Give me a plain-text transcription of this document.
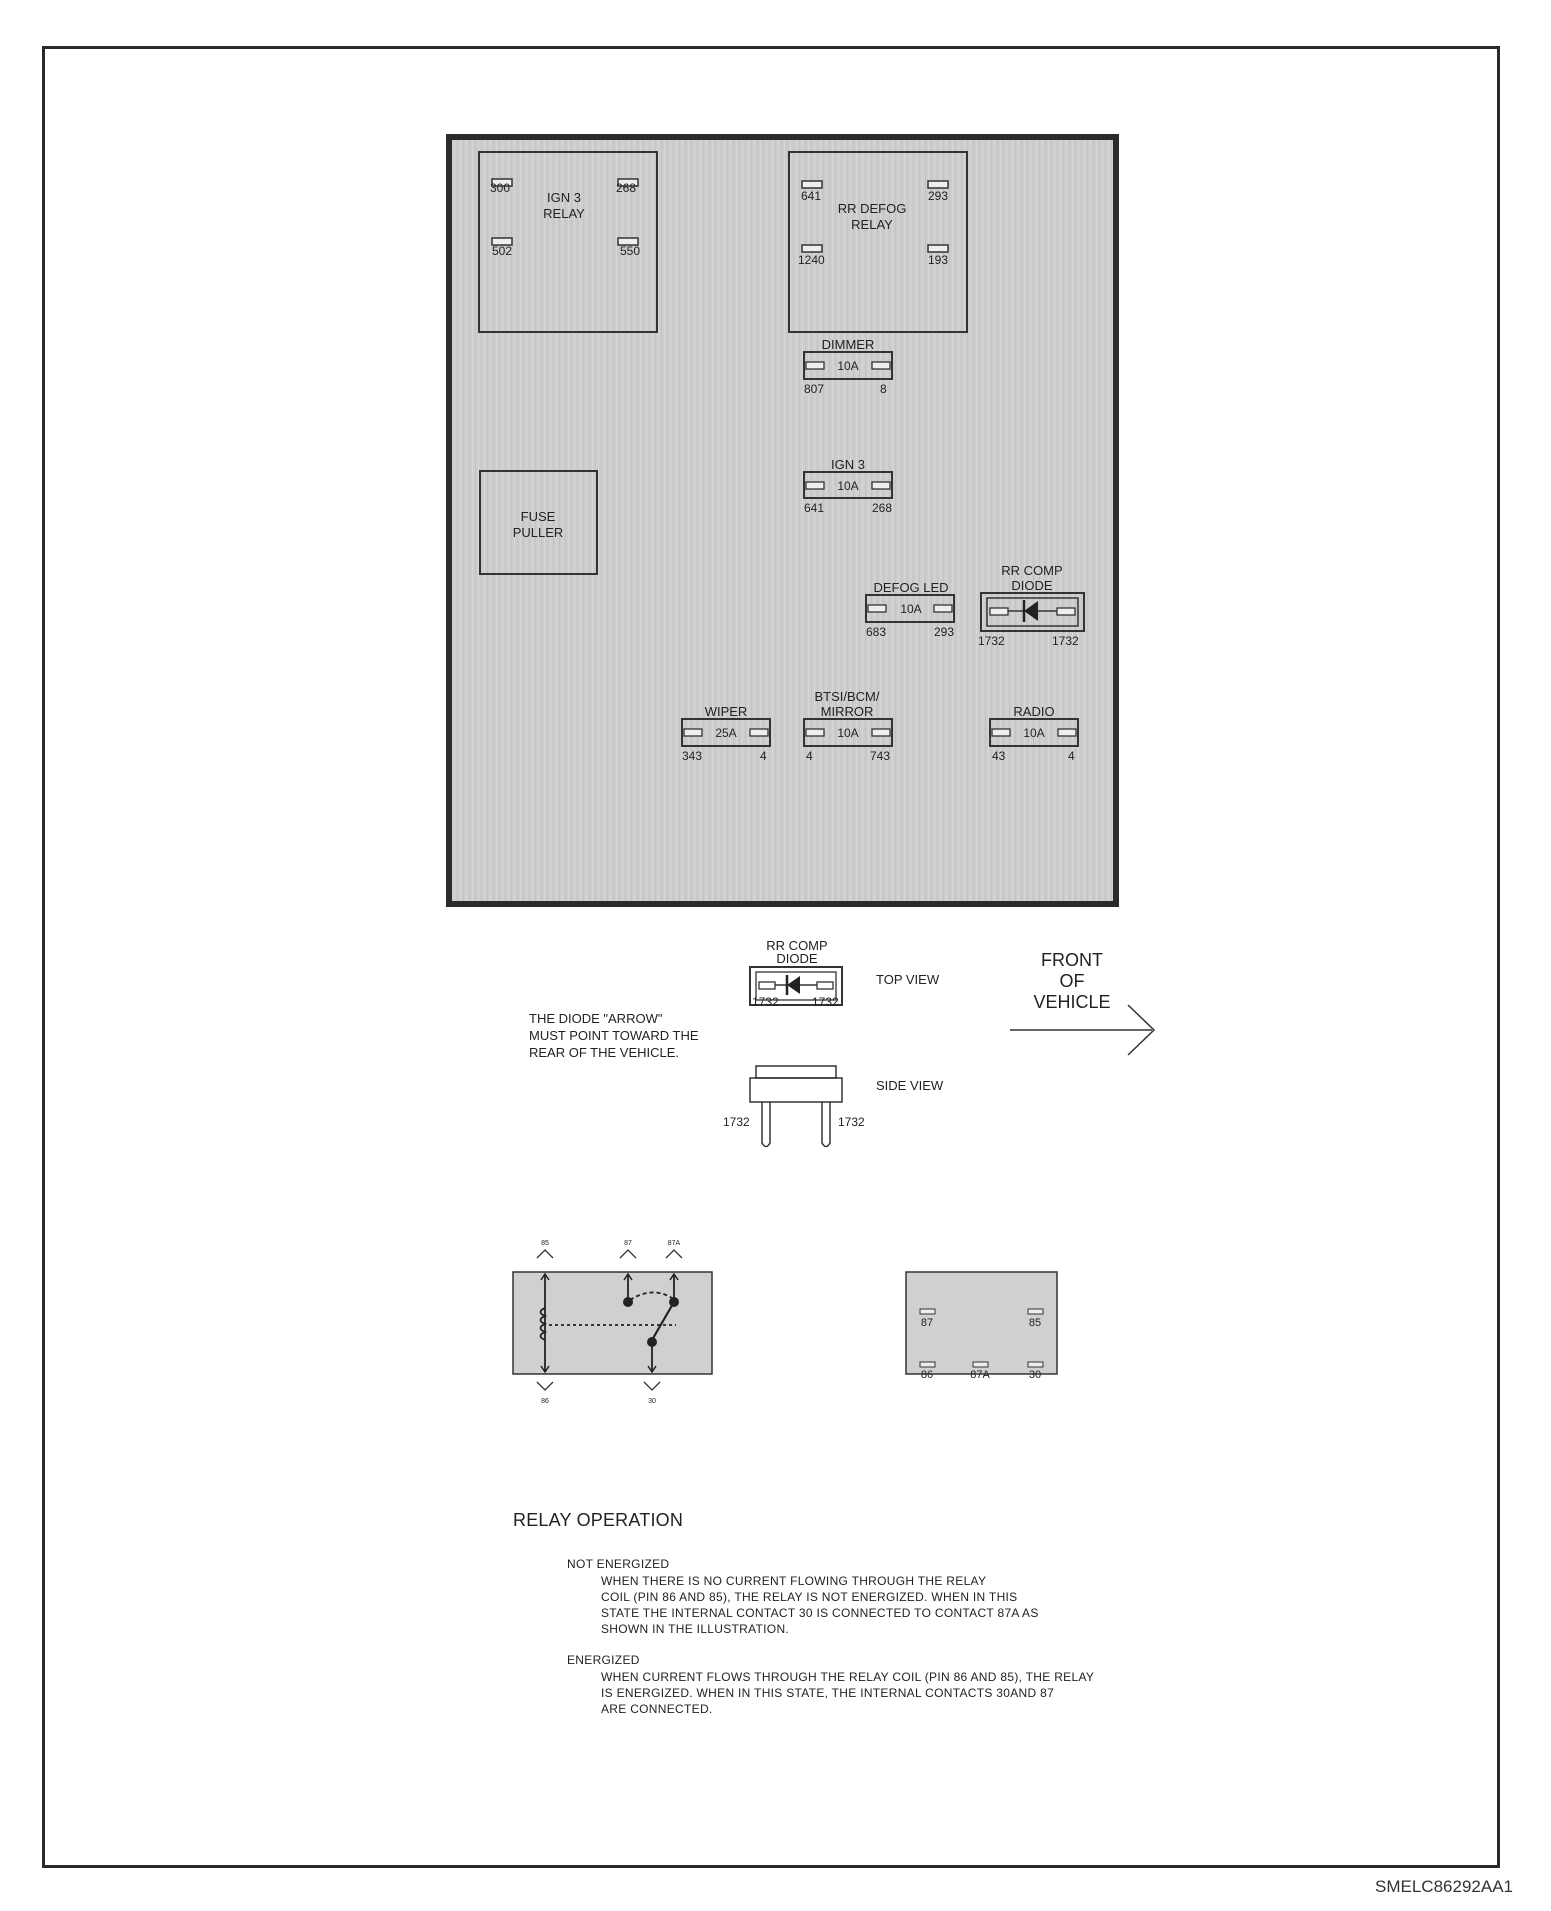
300	268
502	550
IGN 3
RELAY
641	293
1240	193
RR DEFOG
RELAY
FUSE
PULLER
DIMMER
10A
807	8
IGN 3
10A
641	268
DEFOG LED
10A
683	293
RR COMP
DIODE
1732	1732
WIPER
25A
343	4
BTSI/BCM/
MIRROR
10A
4	743
RADIO
10A
43	4
RR COMP
DIODE
1732	1732
TOP VIEW
THE DIODE "ARROW"
MUST POINT TOWARD THE
REAR OF THE VEHICLE.
FRONT
OF
VEHICLE
1732	1732
SIDE VIEW
85	87	87A
86	30
87	85
86	87A	30
RELAY OPERATION
NOT ENERGIZED
WHEN THERE IS NO CURRENT FLOWING THROUGH THE RELAY
COIL (PIN 86 AND 85), THE RELAY IS NOT ENERGIZED. WHEN IN THIS
STATE THE INTERNAL CONTACT 30 IS CONNECTED TO CONTACT 87A AS
SHOWN IN THE ILLUSTRATION.
ENERGIZED
WHEN CURRENT FLOWS THROUGH THE RELAY COIL (PIN 86 AND 85), THE RELAY
IS ENERGIZED. WHEN IN THIS STATE, THE INTERNAL CONTACTS 30AND 87
ARE CONNECTED.
SMELC86292AA1
